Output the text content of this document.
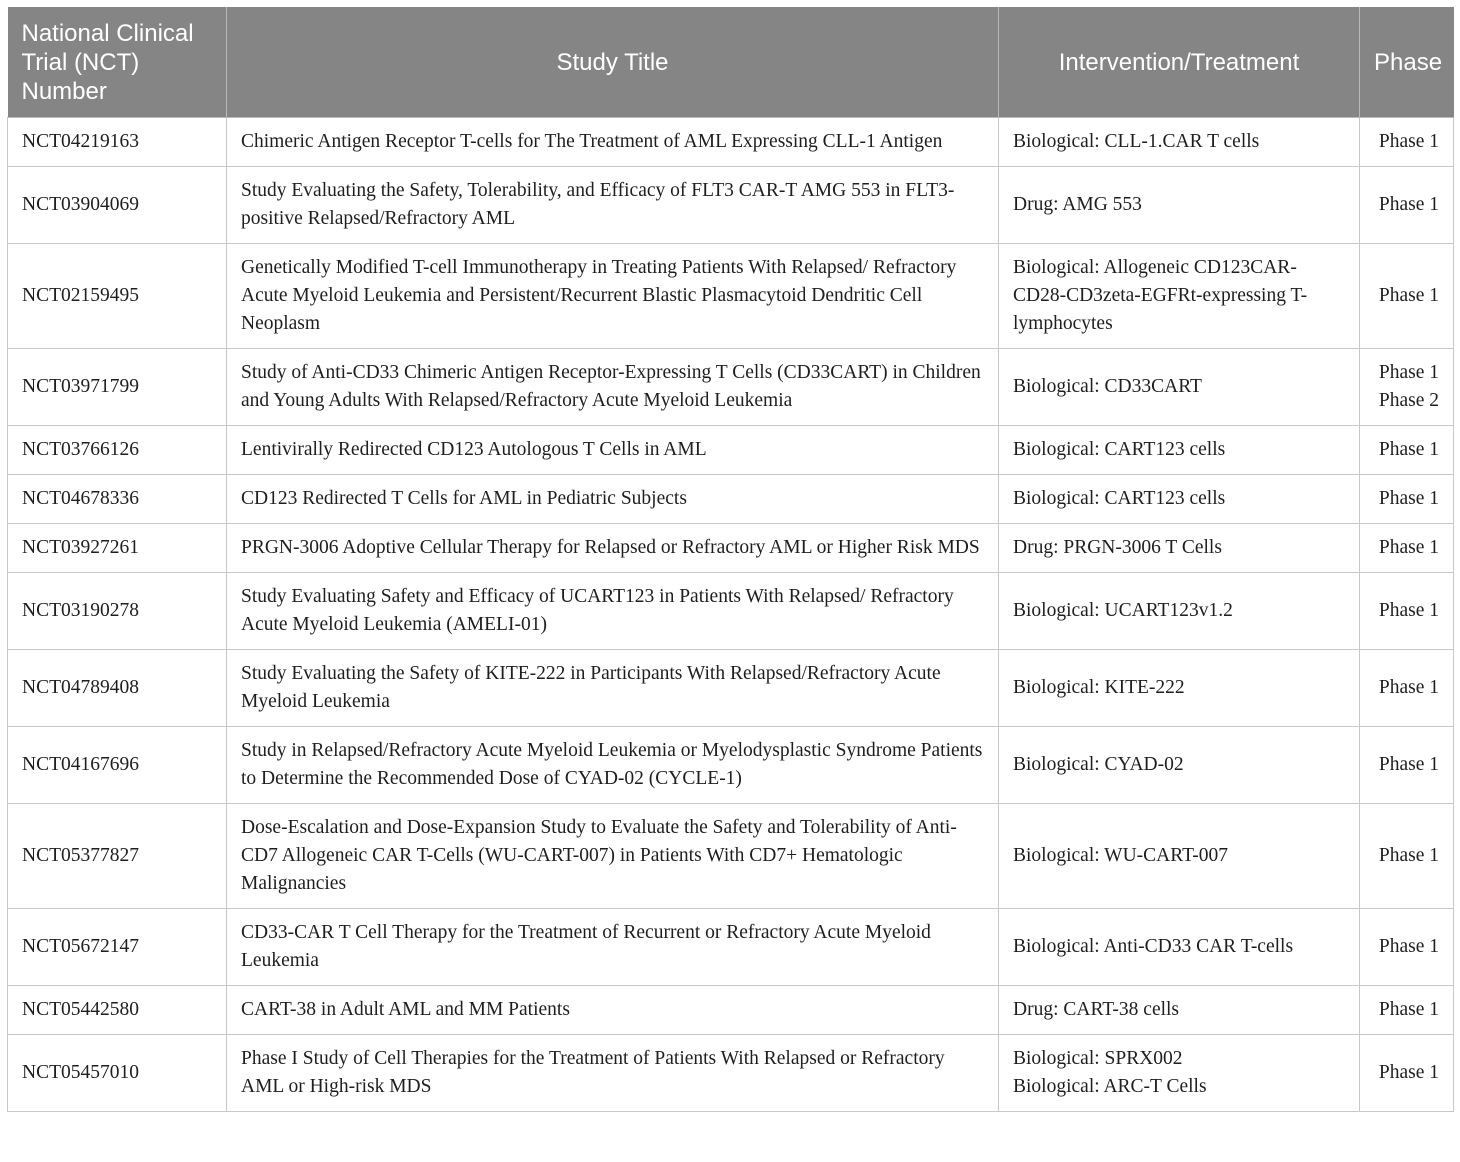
National Clinical Trial (NCT) Number	Study Title	Intervention/Treatment	Phase
NCT04219163	Chimeric Antigen Receptor T-cells for The Treatment of AML Expressing CLL-1 Antigen	Biological: CLL-1.CAR T cells	Phase 1

NCT03904069	Study Evaluating the Safety, Tolerability, and Efficacy of FLT3 CAR-T AMG 553 in FLT3-positive Relapsed/Refractory AML	Drug: AMG 553	Phase 1

NCT02159495	Genetically Modified T-cell Immunotherapy in Treating Patients With Relapsed/ Refractory Acute Myeloid Leukemia and Persistent/Recurrent Blastic Plasmacytoid Dendritic Cell Neoplasm	Biological: Allogeneic CD123CAR-CD28-CD3zeta-EGFRt-expressing T-lymphocytes	Phase 1

NCT03971799	Study of Anti-CD33 Chimeric Antigen Receptor-Expressing T Cells (CD33CART) in Children and Young Adults With Relapsed/Refractory Acute Myeloid Leukemia	Biological: CD33CART	Phase 1
Phase 2

NCT03766126	Lentivirally Redirected CD123 Autologous T Cells in AML	Biological: CART123 cells	Phase 1

NCT04678336	CD123 Redirected T Cells for AML in Pediatric Subjects	Biological: CART123 cells	Phase 1

NCT03927261	PRGN-3006 Adoptive Cellular Therapy for Relapsed or Refractory AML or Higher Risk MDS	Drug: PRGN-3006 T Cells	Phase 1

NCT03190278	Study Evaluating Safety and Efficacy of UCART123 in Patients With Relapsed/ Refractory Acute Myeloid Leukemia (AMELI-01)	Biological: UCART123v1.2	Phase 1

NCT04789408	Study Evaluating the Safety of KITE-222 in Participants With Relapsed/Refractory Acute Myeloid Leukemia	Biological: KITE-222	Phase 1

NCT04167696	Study in Relapsed/Refractory Acute Myeloid Leukemia or Myelodysplastic Syndrome Patients to Determine the Recommended Dose of CYAD-02 (CYCLE-1)	Biological: CYAD-02	Phase 1

NCT05377827	Dose-Escalation and Dose-Expansion Study to Evaluate the Safety and Tolerability of Anti-CD7 Allogeneic CAR T-Cells (WU-CART-007) in Patients With CD7+ Hematologic Malignancies	Biological: WU-CART-007	Phase 1

NCT05672147	CD33-CAR T Cell Therapy for the Treatment of Recurrent or Refractory Acute Myeloid Leukemia	Biological: Anti-CD33 CAR T-cells	Phase 1

NCT05442580	CART-38 in Adult AML and MM Patients	Drug: CART-38 cells	Phase 1

NCT05457010	Phase I Study of Cell Therapies for the Treatment of Patients With Relapsed or Refractory AML or High-risk MDS	Biological: SPRX002
Biological: ARC-T Cells	Phase 1
